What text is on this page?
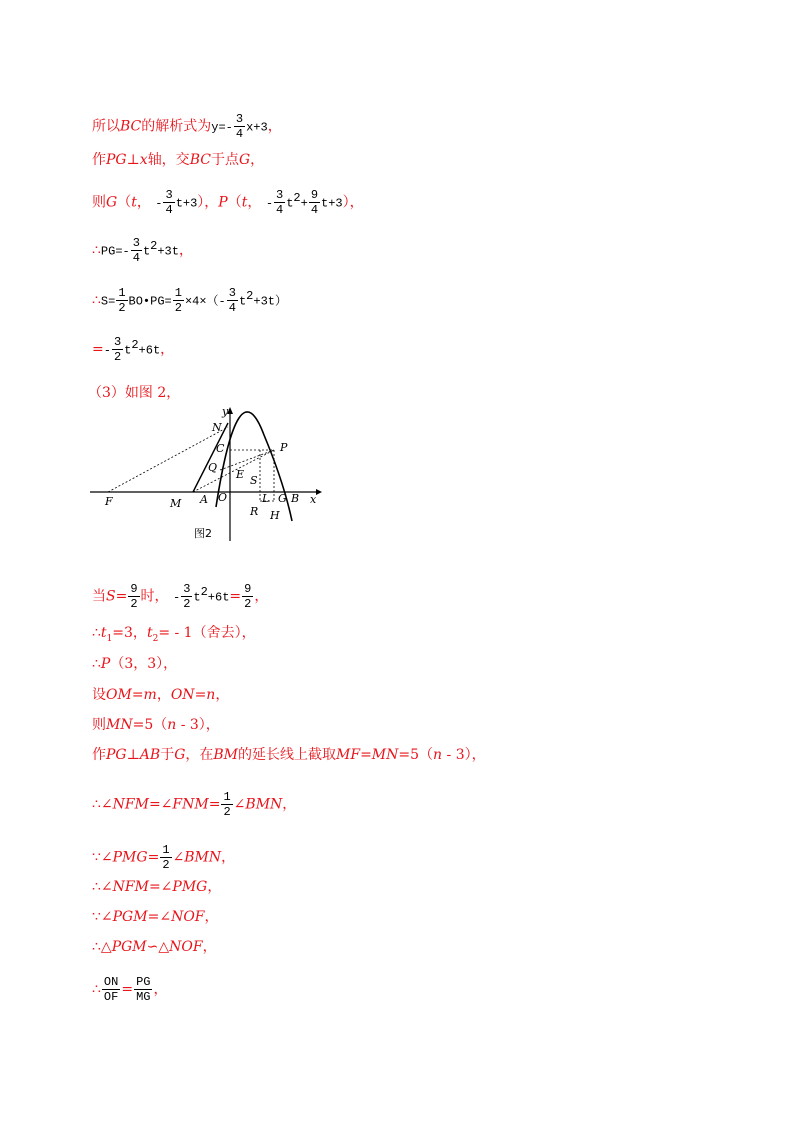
所以BC的解析式为$y=- \frac{3}{4} x+3$，
作PG⊥x轴，交BC于点G，
则G（t， - $\frac{3}{4} t+3$），P（t， - $\frac{3}{4} t^2+ \frac{9}{4} t+3$），
∴PG=- $\frac{3}{4} t^2+3t$，
∴S= $\frac{1}{2}$ BO•PG= $\frac{1}{2} \times 4\times(- \frac{3}{4} t^2+3t)$
=- $\frac{3}{2} t^2+6t$，
（3）如图 2，
y
x
N
C	P
Q
E S
F	M A O	L G B
R H
图2
当$S= \frac{9}{2}$ 时， - $\frac{3}{2} t^2+6t= \frac{9}{2}$ ，
$\therefore t_1=3$，$t_2= - 1$（舍去），
∴P（3，3），
设OM=m，ON=n，
则MN=5（n - 3），
作PG⊥AB于G，在BM的延长线上截取MF=MN=5（n - 3），
∴∠NFM=∠FNM= $\frac{1}{2}$ ∠BMN，
∵∠PMG= $\frac{1}{2}$ ∠BMN，
∴∠NFM=∠PMG，
∵∠PGM=∠NOF，
∴△PGM∽△NOF，
∴ $\frac{ON}{OF} = \frac{PG}{MG}$ ，
